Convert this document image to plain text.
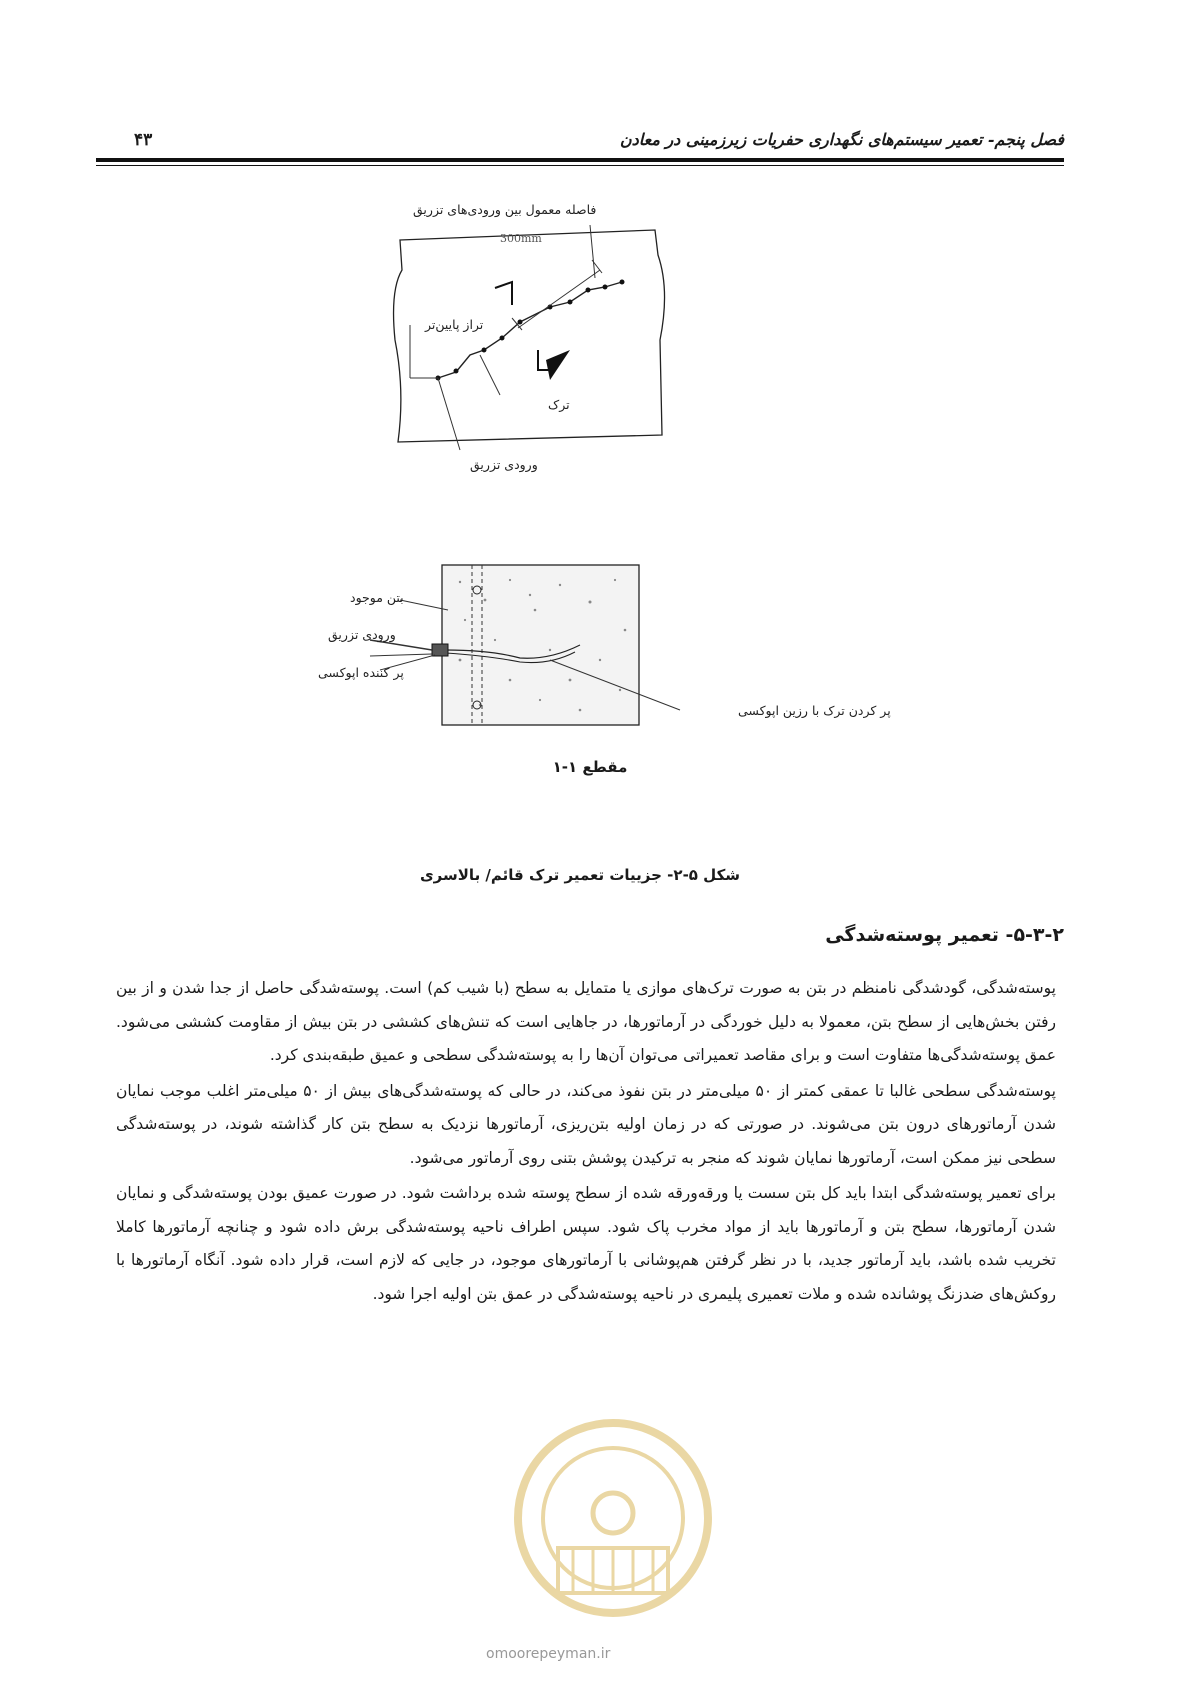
فصل پنجم- تعمیر سیستم‌های نگهداری حفریات زیرزمینی در معادن
۴۳
فاصله معمول بین ورودی‌های تزریق
300mm
تراز پایین‌تر
ترک
ورودی تزریق
بتن موجود
ورودی تزریق
پر کننده اپوکسی
پر کردن ترک با رزین اپوکسی
مقطع ۱-۱
شکل ۵-۲- جزییات تعمیر ترک قائم/ بالاسری
۵-۳-۲- تعمیر پوسته‌شدگی

پوسته‌شدگی، گودشدگی نامنظم در بتن به صورت ترک‌های موازی یا متمایل به سطح (با شیب کم) است. پوسته‌شدگی حاصل از جدا شدن و از بین رفتن بخش‌هایی از سطح بتن، معمولا به دلیل خوردگی در آرماتورها، در جاهایی است که تنش‌های کششی در بتن بیش از مقاومت کششی می‌شود. عمق پوسته‌شدگی‌ها متفاوت است و برای مقاصد تعمیراتی می‌توان آن‌ها را به پوسته‌شدگی سطحی و عمیق طبقه‌بندی کرد.

پوسته‌شدگی سطحی غالبا تا عمقی کمتر از ۵۰ میلی‌متر در بتن نفوذ می‌کند، در حالی که پوسته‌شدگی‌های بیش از ۵۰ میلی‌متر اغلب موجب نمایان شدن آرماتورهای درون بتن می‌شوند. در صورتی که در زمان اولیه بتن‌ریزی، آرماتورها نزدیک به سطح بتن کار گذاشته شوند، در پوسته‌شدگی سطحی نیز ممکن است، آرماتورها نمایان شوند که منجر به ترکیدن پوشش بتنی روی آرماتور می‌شود.

برای تعمیر پوسته‌شدگی ابتدا باید کل بتن سست یا ورقه‌ورقه شده از سطح پوسته شده برداشت شود. در صورت عمیق بودن پوسته‌شدگی و نمایان شدن آرماتورها، سطح بتن و آرماتورها باید از مواد مخرب پاک شود. سپس اطراف ناحیه پوسته‌شدگی برش داده شود و چنانچه آرماتورها کاملا تخریب شده باشد، باید آرماتور جدید، با در نظر گرفتن هم‌پوشانی با آرماتورهای موجود، در جایی که لازم است، قرار داده شود. آنگاه آرماتورها با روکش‌های ضدزنگ پوشانده شده و ملات تعمیری پلیمری در ناحیه پوسته‌شدگی در عمق بتن اولیه اجرا شود.

omoorepeyman.ir
